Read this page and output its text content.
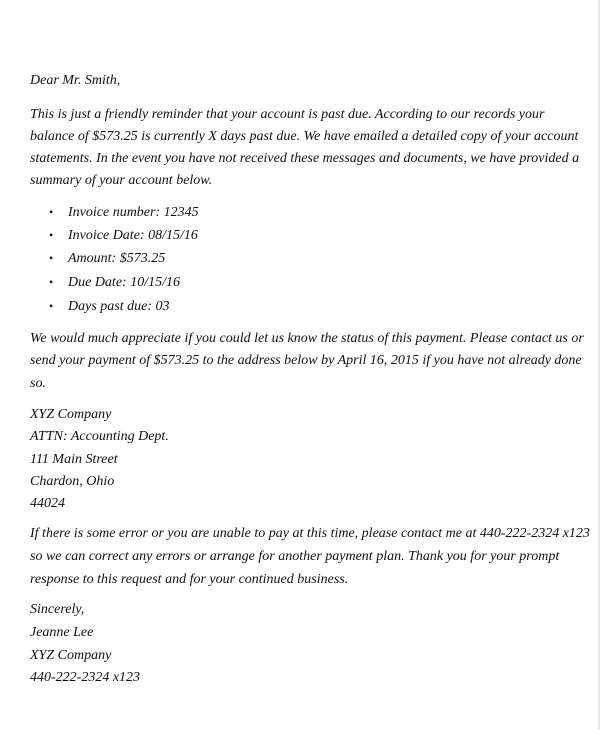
Dear Mr. Smith,
This is just a friendly reminder that your account is past due. According to our records your
balance of $573.25 is currently X days past due. We have emailed a detailed copy of your account
statements. In the event you have not received these messages and documents, we have provided a
summary of your account below.
• Invoice number: 12345
• Invoice Date: 08/15/16
• Amount: $573.25
• Due Date: 10/15/16
• Days past due: 03
We would much appreciate if you could let us know the status of this payment. Please contact us or
send your payment of $573.25 to the address below by April 16, 2015 if you have not already done
so.
XYZ Company
ATTN: Accounting Dept.
111 Main Street
Chardon, Ohio
44024
If there is some error or you are unable to pay at this time, please contact me at 440-222-2324 x123
so we can correct any errors or arrange for another payment plan. Thank you for your prompt
response to this request and for your continued business.
Sincerely,
Jeanne Lee
XYZ Company
440-222-2324 x123
